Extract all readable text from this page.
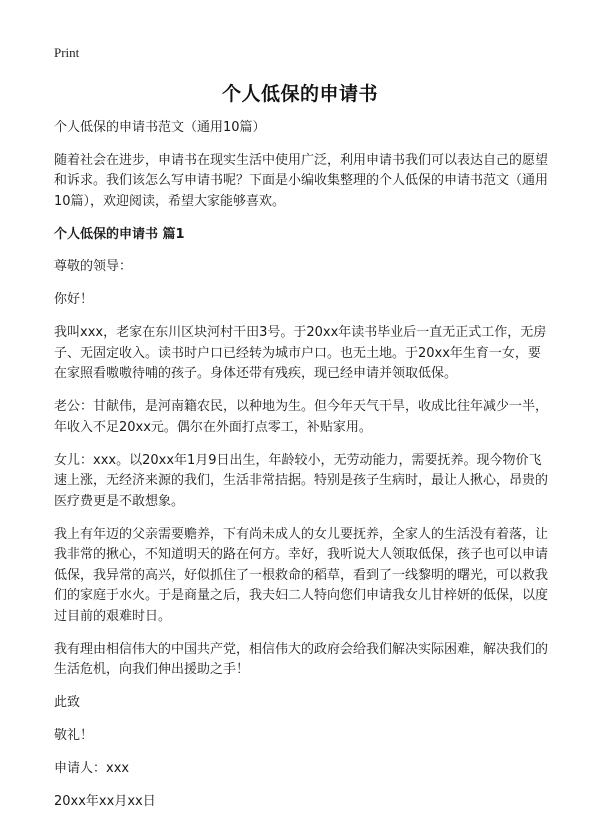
Print
个人低保的申请书

个人低保的申请书范文（通用10篇）

随着社会在进步，申请书在现实生活中使用广泛，利用申请书我们可以表达自己的愿望和诉求。我们该怎么写申请书呢？下面是小编收集整理的个人低保的申请书范文（通用10篇），欢迎阅读，希望大家能够喜欢。

个人低保的申请书 篇1

尊敬的领导：

你好！

我叫xxx，老家在东川区块河村干田3号。于20xx年读书毕业后一直无正式工作，无房子、无固定收入。读书时户口已经转为城市户口。也无土地。于20xx年生育一女，要在家照看嗷嗷待哺的孩子。身体还带有残疾，现已经申请并领取低保。

老公：甘献伟，是河南籍农民，以种地为生。但今年天气干旱，收成比往年减少一半，年收入不足20xx元。偶尔在外面打点零工，补贴家用。

女儿：xxx。以20xx年1月9日出生，年龄较小，无劳动能力，需要抚养。现今物价飞速上涨，无经济来源的我们，生活非常拮据。特别是孩子生病时，最让人揪心，昂贵的医疗费更是不敢想象。

我上有年迈的父亲需要赡养，下有尚未成人的女儿要抚养，全家人的生活没有着落，让我非常的揪心，不知道明天的路在何方。幸好，我听说大人领取低保，孩子也可以申请低保，我异常的高兴，好似抓住了一根救命的稻草，看到了一线黎明的曙光，可以救我们的家庭于水火。于是商量之后，我夫妇二人特向您们申请我女儿甘梓妍的低保，以度过目前的艰难时日。

我有理由相信伟大的中国共产党，相信伟大的政府会给我们解决实际困难，解决我们的生活危机，向我们伸出援助之手！

此致

敬礼！

申请人：xxx

20xx年xx月xx日
